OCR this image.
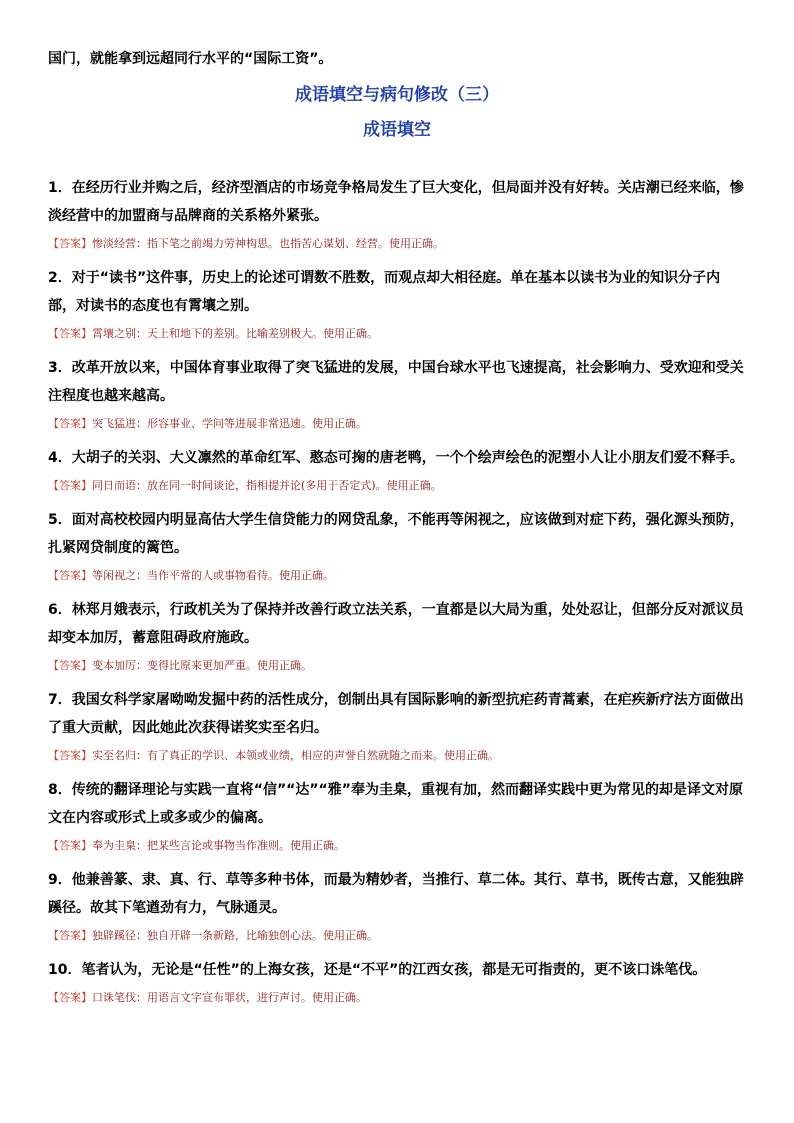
国门，就能拿到远超同行水平的“国际工资”。
成语填空与病句修改（三）
成语填空

1．在经历行业并购之后，经济型酒店的市场竞争格局发生了巨大变化，但局面并没有好转。关店潮已经来临，惨淡经营中的加盟商与品牌商的关系格外紧张。

【答案】惨淡经营：指下笔之前竭力劳神构思。也指苦心谋划、经营。使用正确。

2．对于“读书”这件事，历史上的论述可谓数不胜数，而观点却大相径庭。单在基本以读书为业的知识分子内部，对读书的态度也有霄壤之别。

【答案】霄壤之别：天上和地下的差别。比喻差别极大。使用正确。

3．改革开放以来，中国体育事业取得了突飞猛进的发展，中国台球水平也飞速提高，社会影响力、受欢迎和受关注程度也越来越高。

【答案】突飞猛进：形容事业、学问等进展非常迅速。使用正确。

4．大胡子的关羽、大义凛然的革命红军、憨态可掬的唐老鸭，一个个绘声绘色的泥塑小人让小朋友们爱不释手。

【答案】同日而语：放在同一时间谈论，指相提并论(多用于否定式)。使用正确。

5．面对高校校园内明显高估大学生信贷能力的网贷乱象，不能再等闲视之，应该做到对症下药，强化源头预防，扎紧网贷制度的篱笆。

【答案】等闲视之：当作平常的人或事物看待。使用正确。

6．林郑月娥表示，行政机关为了保持并改善行政立法关系，一直都是以大局为重，处处忍让，但部分反对派议员却变本加厉，蓄意阻碍政府施政。

【答案】变本加厉：变得比原来更加严重。使用正确。

7．我国女科学家屠呦呦发掘中药的活性成分，创制出具有国际影响的新型抗疟药青蒿素，在疟疾新疗法方面做出了重大贡献，因此她此次获得诺奖实至名归。

【答案】实至名归：有了真正的学识、本领或业绩，相应的声誉自然就随之而来。使用正确。

8．传统的翻译理论与实践一直将“信”“达”“雅”奉为圭臬，重视有加，然而翻译实践中更为常见的却是译文对原文在内容或形式上或多或少的偏离。

【答案】奉为圭臬：把某些言论或事物当作准则。使用正确。

9．他兼善篆、隶、真、行、草等多种书体，而最为精妙者，当推行、草二体。其行、草书，既传古意，又能独辟蹊径。故其下笔遒劲有力，气脉通灵。

【答案】独辟蹊径：独自开辟一条新路，比喻独创心法。使用正确。

10．笔者认为，无论是“任性”的上海女孩，还是“不平”的江西女孩，都是无可指责的，更不该口诛笔伐。

【答案】口诛笔伐：用语言文字宣布罪状，进行声讨。使用正确。
